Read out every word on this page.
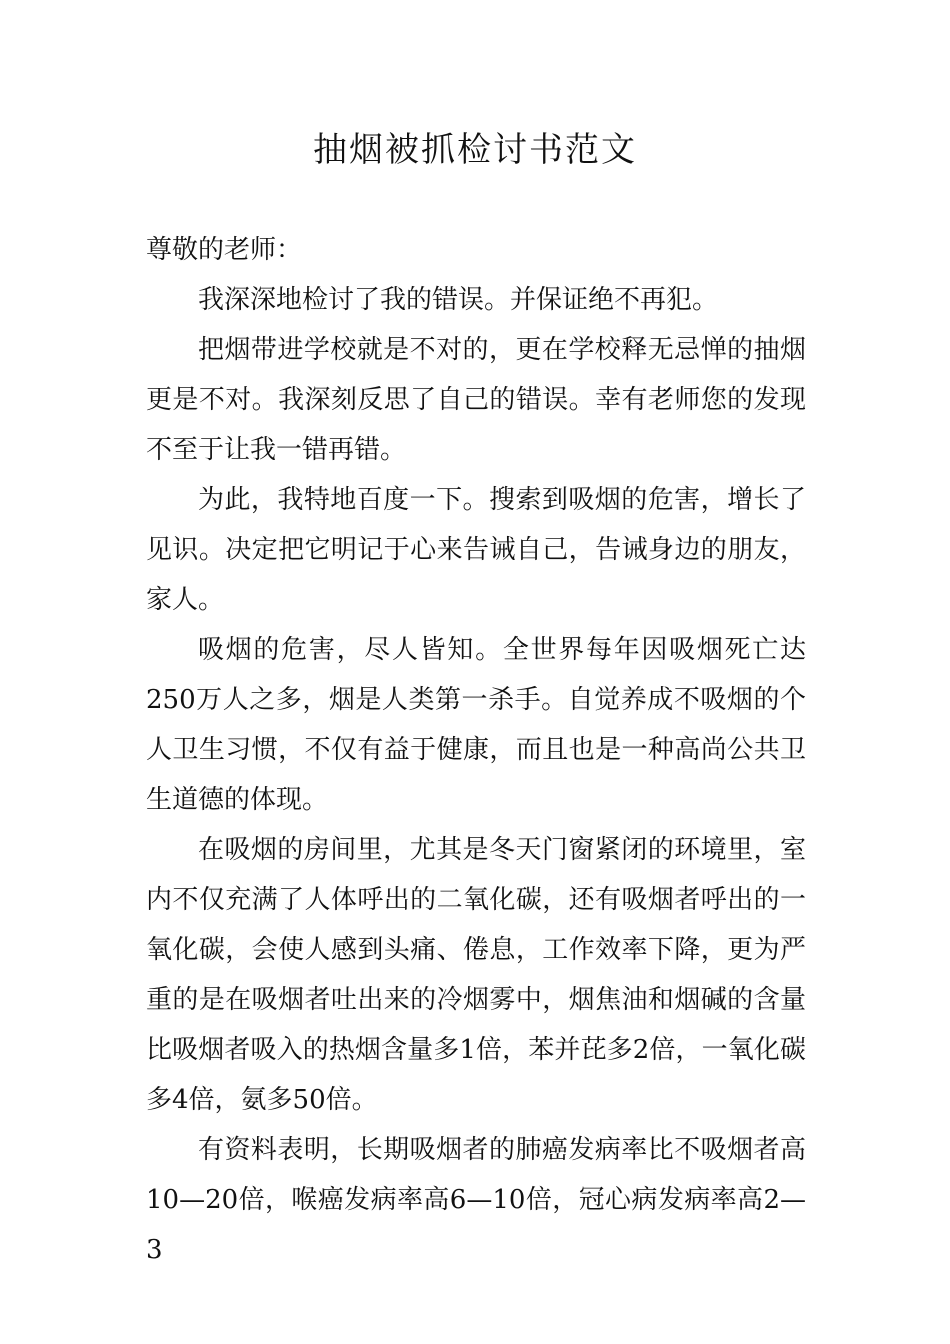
抽烟被抓检讨书范文

尊敬的老师：

我深深地检讨了我的错误。并保证绝不再犯。

把烟带进学校就是不对的，更在学校释无忌惮的抽烟更是不对。我深刻反思了自己的错误。幸有老师您的发现不至于让我一错再错。

为此，我特地百度一下。搜索到吸烟的危害，增长了见识。决定把它明记于心来告诫自己，告诫身边的朋友，家人。

吸烟的危害，尽人皆知。全世界每年因吸烟死亡达250万人之多，烟是人类第一杀手。自觉养成不吸烟的个人卫生习惯，不仅有益于健康，而且也是一种高尚公共卫生道德的体现。

在吸烟的房间里，尤其是冬天门窗紧闭的环境里，室内不仅充满了人体呼出的二氧化碳，还有吸烟者呼出的一氧化碳，会使人感到头痛、倦息，工作效率下降，更为严重的是在吸烟者吐出来的冷烟雾中，烟焦油和烟碱的含量比吸烟者吸入的热烟含量多1倍，苯并芘多2倍，一氧化碳多4倍，氨多50倍。

有资料表明，长期吸烟者的肺癌发病率比不吸烟者高10—20倍，喉癌发病率高6—10倍，冠心病发病率高2—3
